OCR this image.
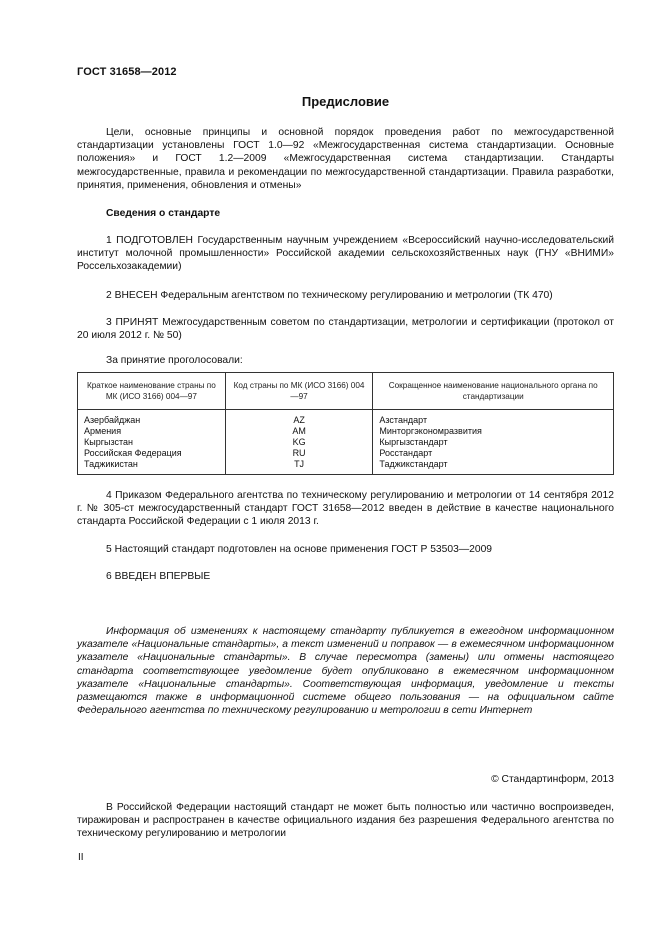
ГОСТ 31658—2012
Предисловие

Цели, основные принципы и основной порядок проведения работ по межгосударственной стандартизации установлены ГОСТ 1.0—92 «Межгосударственная система стандартизации. Основные положения» и ГОСТ 1.2—2009 «Межгосударственная система стандартизации. Стандарты межгосударственные, правила и рекомендации по межгосударственной стандартизации. Правила разработки, принятия, применения, обновления и отмены»

Сведения о стандарте

1 ПОДГОТОВЛЕН Государственным научным учреждением «Всероссийский научно-исследовательский институт молочной промышленности» Российской академии сельскохозяйственных наук (ГНУ «ВНИМИ» Россельхозакадемии)

2 ВНЕСЕН Федеральным агентством по техническому регулированию и метрологии (ТК 470)

3 ПРИНЯТ Межгосударственным советом по стандартизации, метрологии и сертификации (протокол от 20 июля 2012 г. № 50)

За принятие проголосовали:

Краткое наименование страны по МК (ИСО 3166) 004—97	Код страны по МК (ИСО 3166) 004—97	Сокращенное наименование национального органа по стандартизации
Азербайджан	AZ	Азстандарт
Армения	AM	Минторгэкономразвития
Кыргызстан	KG	Кыргызстандарт
Российская Федерация	RU	Росстандарт
Таджикистан	TJ	Таджикстандарт

4 Приказом Федерального агентства по техническому регулированию и метрологии от 14 сентября 2012 г. № 305-ст межгосударственный стандарт ГОСТ 31658—2012 введен в действие в качестве национального стандарта Российской Федерации с 1 июля 2013 г.

5 Настоящий стандарт подготовлен на основе применения ГОСТ Р 53503—2009

6 ВВЕДЕН ВПЕРВЫЕ

Информация об изменениях к настоящему стандарту публикуется в ежегодном информационном указателе «Национальные стандарты», а текст изменений и поправок — в ежемесячном информационном указателе «Национальные стандарты». В случае пересмотра (замены) или отмены настоящего стандарта соответствующее уведомление будет опубликовано в ежемесячном информационном указателе «Национальные стандарты». Соответствующая информация, уведомление и тексты размещаются также в информационной системе общего пользования — на официальном сайте Федерального агентства по техническому регулированию и метрологии в сети Интернет

© Стандартинформ, 2013

В Российской Федерации настоящий стандарт не может быть полностью или частично воспроизведен, тиражирован и распространен в качестве официального издания без разрешения Федерального агентства по техническому регулированию и метрологии

II
